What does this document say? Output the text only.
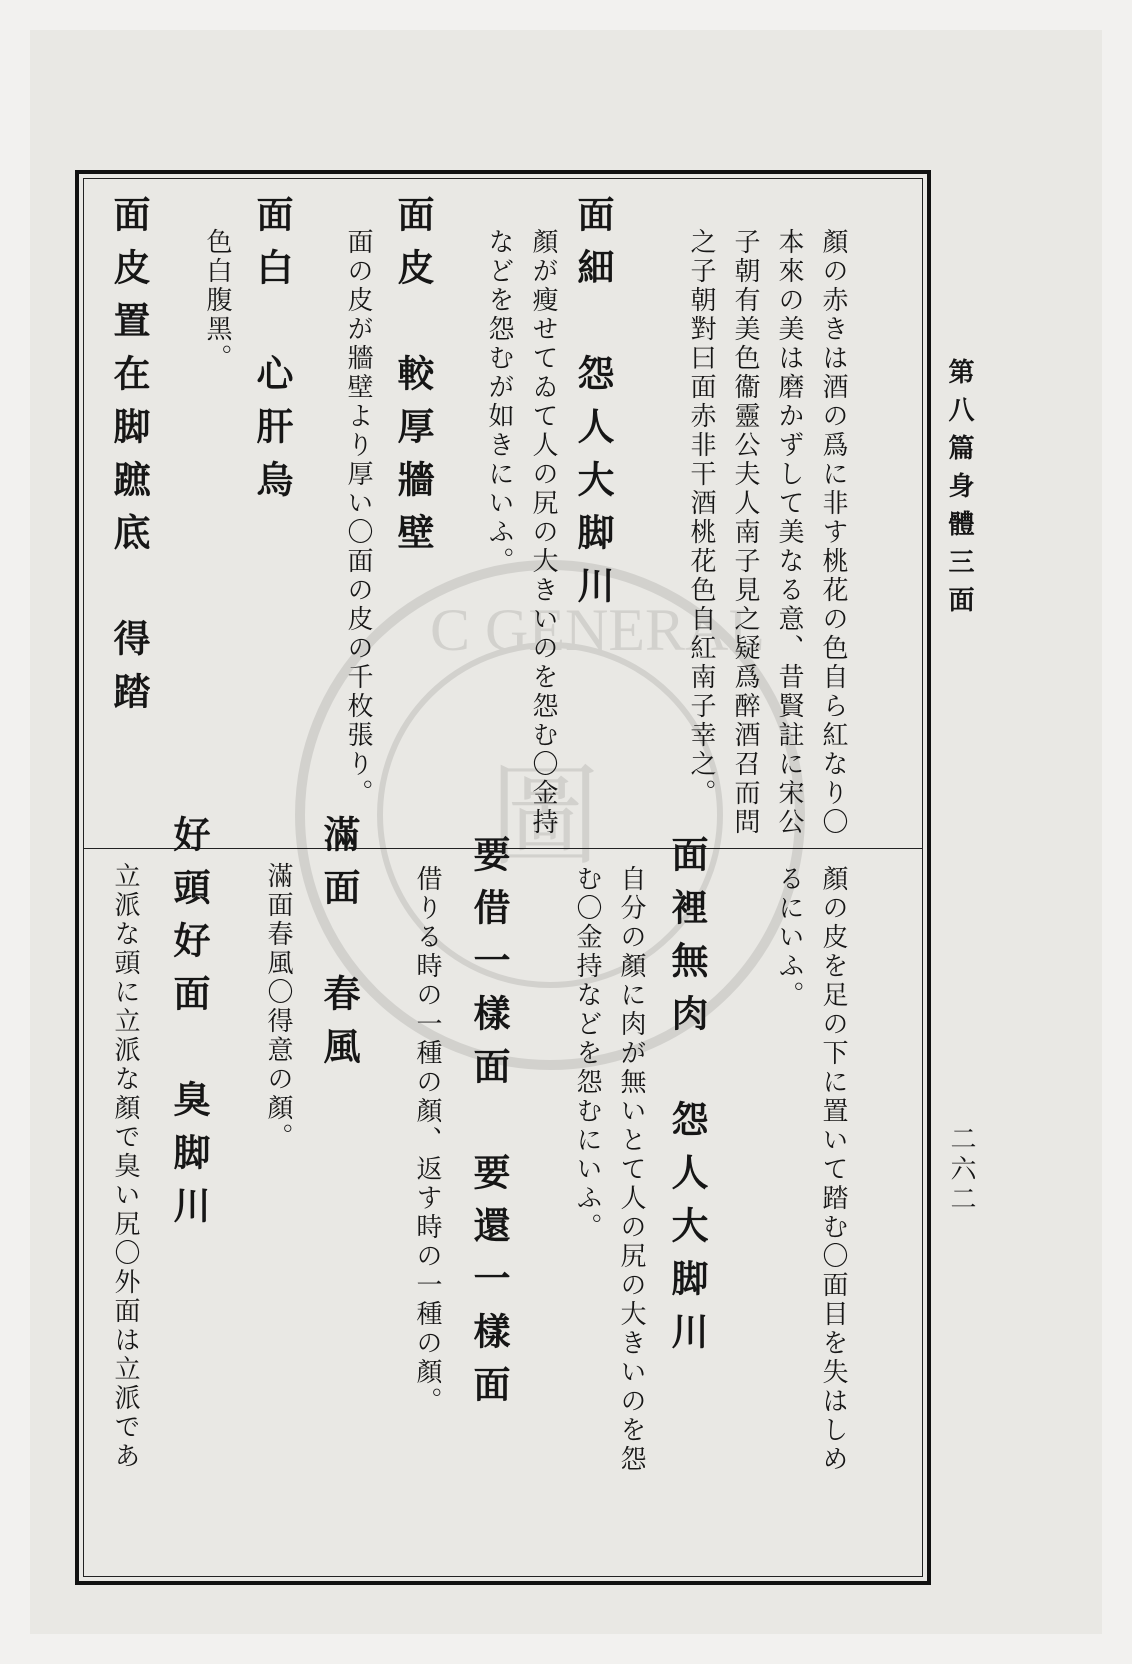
第八篇身體三面
二六二
顏の赤きは酒の爲に非す桃花の色自ら紅なり〇
本來の美は磨かずして美なる意、昔賢註に宋公
子朝有美色衞靈公夫人南子見之疑爲醉酒召而問
之子朝對曰面赤非干酒桃花色自紅南子幸之。
面細　怨人大脚川
顏が瘦せてゐて人の尻の大きいのを怨む〇金持
などを怨むが如きにいふ。
面皮　較厚牆壁
面の皮が牆壁より厚い〇面の皮の千枚張り。
面白　心肝烏
色白腹黑。
面皮置在脚蹠底　得踏
顏の皮を足の下に置いて踏む〇面目を失はしめ
るにいふ。
面裡無肉　怨人大脚川
自分の顏に肉が無いとて人の尻の大きいのを怨
む〇金持などを怨むにいふ。
要借一樣面　要還一樣面
借りる時の一種の顏、返す時の一種の顏。
滿面　春風
滿面春風〇得意の顏。
好頭好面　臭脚川
立派な頭に立派な顏で臭い尻〇外面は立派であ
